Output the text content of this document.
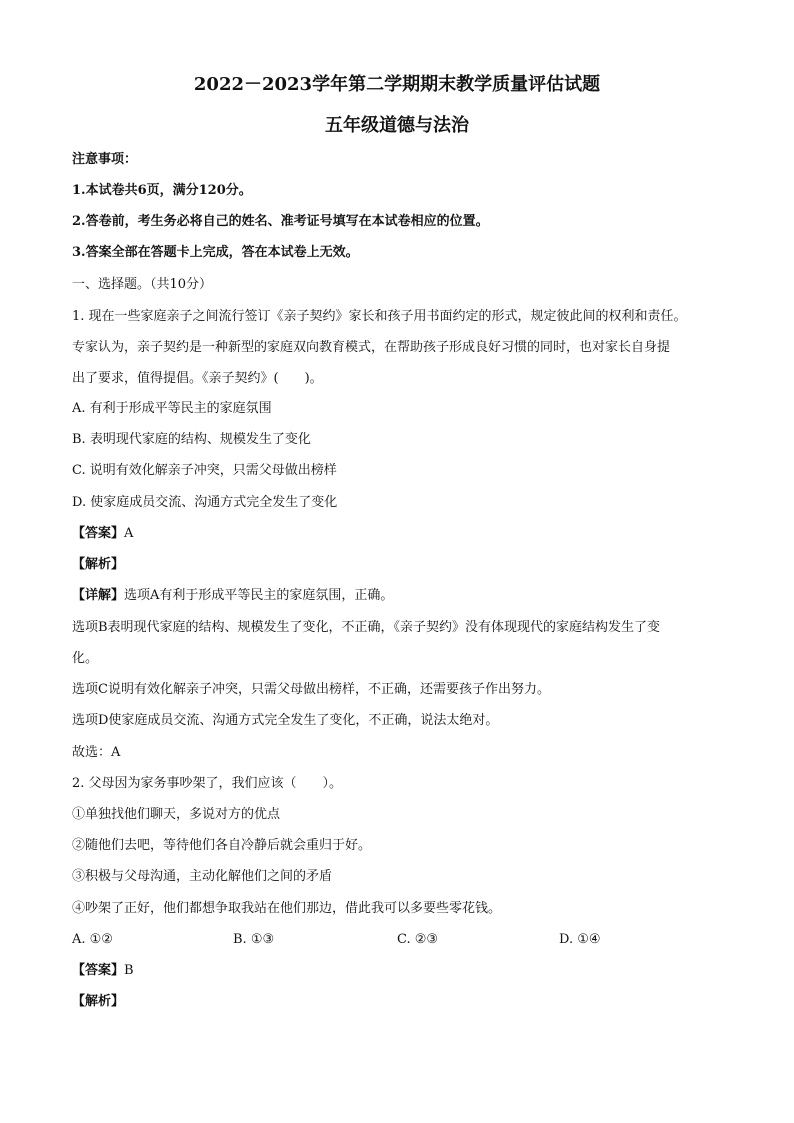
2022－2023学年第二学期期末教学质量评估试题
五年级道德与法治
注意事项：
1.本试卷共6页，满分120分。
2.答卷前，考生务必将自己的姓名、准考证号填写在本试卷相应的位置。
3.答案全部在答题卡上完成，答在本试卷上无效。
一、选择题。（共10分）
1. 现在一些家庭亲子之间流行签订《亲子契约》家长和孩子用书面约定的形式，规定彼此间的权利和责任。
专家认为，亲子契约是一种新型的家庭双向教育模式，在帮助孩子形成良好习惯的同时，也对家长自身提
出了要求，值得提倡。《亲子契约》(　　)。
A. 有利于形成平等民主的家庭氛围
B. 表明现代家庭的结构、规模发生了变化
C. 说明有效化解亲子冲突，只需父母做出榜样
D. 使家庭成员交流、沟通方式完全发生了变化
【答案】A
【解析】
【详解】选项A有利于形成平等民主的家庭氛围，正确。
选项B表明现代家庭的结构、规模发生了变化，不正确，《亲子契约》没有体现现代的家庭结构发生了变
化。
选项C说明有效化解亲子冲突，只需父母做出榜样，不正确，还需要孩子作出努力。
选项D使家庭成员交流、沟通方式完全发生了变化，不正确，说法太绝对。
故选：A
2. 父母因为家务事吵架了，我们应该（　　）。
①单独找他们聊天，多说对方的优点
②随他们去吧，等待他们各自冷静后就会重归于好。
③积极与父母沟通，主动化解他们之间的矛盾
④吵架了正好，他们都想争取我站在他们那边，借此我可以多要些零花钱。
A. ①②	B. ①③	C. ②③	D. ①④
【答案】B
【解析】
